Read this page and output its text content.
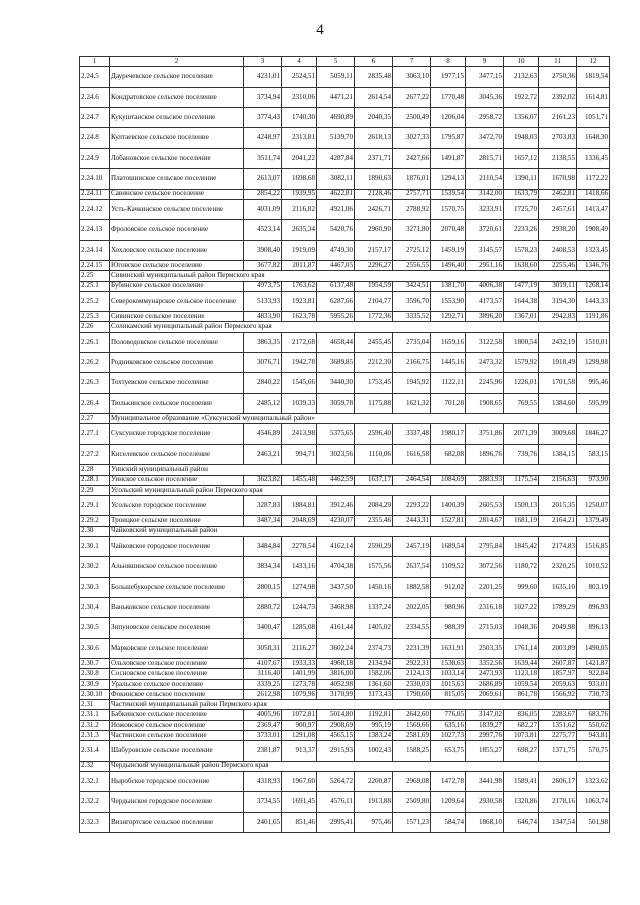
4
1	2	3	4	5	6	7	8	9	10	11	12
2.24.5	Дауречевское сельское поселение	4231,01	2524,51	5059,11	2835,48	3063,10	1977,15	3477,15	2132,63	2750,36	1819,54
2.24.6	Кондратовское сельское поселение	3734,94	2310,06	4471,21	2614,54	2677,22	1770,48	3045,36	1922,72	2392,02	1614,81
2.24.7	Кукуштанское сельское поселение	3774,43	1740,30	4690,89	2040,35	2500,49	1206,04	2958,72	1356,07	2161,23	1051,71
2.24.8	Култаевское сельское поселение	4248,97	2313,81	5139,70	2618,13	3027,33	1795,87	3472,70	1948,03	2703,83	1648,30
2.24.9	Лобановское сельское поселение	3511,74	2041,22	4287,84	2371,71	2427,66	1491,87	2815,71	1657,12	2138,55	1336,45
2.24.10	Платошинское сельское поселение	2613,07	1698,68	3082,11	1890,63	1876,01	1294,13	2110,54	1390,11	1670,98	1172,22
2.24.11	Савинское сельское поселение	2854,22	1939,95	4622,81	2128,46	2757,71	1539,54	3142,00	1633,79	2462,81	1418,66
2.24.12	Усть-Качкинское сельское поселение	4031,09	2116,82	4921,06	2426,71	2788,92	1570,75	3233,91	1725,70	2457,61	1413,47
2.24.13	Фроловское сельское поселение	4523,14	2635,34	5420,76	2960,90	3271,80	2070,48	3720,61	2233,26	2938,20	1908,49
2.24.14	Хохловское сельское поселение	3908,40	1919,09	4749,30	2157,17	2725,12	1459,19	3145,57	1578,23	2408,53	1323,45
2.24.15	Юговское сельское поселение	3677,82	2011,87	4467,05	2296,27	2556,55	1496,40	2951,16	1638,60	2255,46	1346,76
2.25	Сивинский муниципальный район Пермского края										
2.25.1	Бубинское сельское поселение	4973,75	1763,62	6137,48	1954,59	3424,51	1381,70	4006,38	1477,19	3019,11	1268,14
2.25.2	Северокоммунарское сельское поселение	5133,93	1923,81	6287,66	2104,77	3596,70	1553,90	4173,57	1644,38	3194,30	1443,33
2.25.3	Сивинское сельское поселение	4833,90	1623,78	5955,26	1772,36	3335,52	1292,71	3896,20	1367,01	2942,83	1191,86
2.26	Соликамский муниципальный район Пермского края										
2.26.1	Половодовское сельское поселение	3863,35	2172,68	4658,44	2455,45	2735,04	1659,16	3122,58	1800,54	2432,19	1510,01
2.26.2	Родниковское сельское поселение	3076,71	1942,78	3689,85	2212,30	2166,75	1445,16	2473,32	1579,92	1918,49	1299,98
2.26.3	Тохтуевское сельское поселение	2840,22	1545,66	3440,30	1753,45	1945,92	1122,11	2245,96	1226,01	1701,58	995,46
2.26.4	Тюлькинское сельское поселение	2485,12	1039,33	3059,78	1175,88	1621,32	701,28	1908,65	769,55	1384,60	595,99
2.27	Муниципальное образование «Суксунский муниципальный район»										
2.27.1	Суксунское городское поселение	4546,89	2413,98	5375,65	2596,40	3337,48	1980,17	3751,86	2071,39	3009,68	1846,27
2.27.2	Киселевское сельское поселение	2463,21	994,71	3023,56	1110,06	1616,58	682,08	1896,76	739,76	1384,15	583,15
2.28	Уинский муниципальный район										
2.28.1	Уинское сельское поселение	3623,82	1455,48	4462,59	1637,17	2464,54	1084,69	2883,93	1175,54	2156,63	973,90
2.29	Усольский муниципальный район Пермского края										
2.29.1	Усольское городское поселение	3287,83	1884,81	3912,46	2084,29	2293,22	1400,39	2605,53	1500,13	2015,35	1250,07
2.29.2	Троицкое сельское поселение	3487,34	2048,69	4230,07	2355,46	2443,31	1527,81	2814,67	1681,19	2164,21	1379,49
2.30	Чайковский муниципальный район										
2.30.1	Чайковское городское поселение	3484,84	2278,54	4162,14	2590,29	2457,19	1689,54	2795,84	1845,42	2174,83	1516,85
2.30.2	Альняшинское сельское поселение	3834,34	1433,16	4704,38	1575,56	2637,54	1109,52	3072,56	1180,72	2320,25	1010,52
2.30.3	Большебукорское сельское поселение	2800,15	1274,98	3437,50	1450,16	1882,58	912,02	2201,25	999,60	1635,10	803,19
2.30.4	Ваньковское сельское поселение	2880,72	1244,73	3468,98	1337,24	2022,05	980,96	2316,18	1027,22	1789,29	896,93
2.30.5	Зипуновское сельское поселение	3400,47	1285,08	4161,44	1405,02	2334,55	988,39	2715,03	1048,36	2049,98	896,13
2.30.6	Марковское сельское поселение	3058,31	2116,27	3602,24	2374,73	2231,39	1631,91	2503,35	1761,14	2003,89	1490,05
2.30.7	Ольховское сельское поселение	4107,67	1933,33	4968,18	2134,94	2922,31	1538,63	3352,56	1639,44	2607,87	1421,87
2.30.8	Сосновское сельское поселение	3116,40	1401,99	3816,00	1582,06	2124,13	1033,14	2473,93	1123,18	1857,97	922,84
2.30.9	Уральское сельское поселение	3339,25	1273,78	4052,98	1361,60	2330,03	1015,63	2686,89	1059,54	2059,63	933,01
2.30.10	Фокинское сельское поселение	2612,98	1079,96	3170,99	1173,43	1790,60	815,05	2069,61	861,78	1566,92	730,73
2.31	Частинский муниципальный район Пермского края										
2.31.1	Бабкинское сельское поселение	4005,96	1072,81	5014,80	1192,81	2642,60	776,05	3147,02	836,05	2283,67	683,76
2.31.2	Ножовское сельское поселение	2369,47	900,97	2908,69	995,19	1569,66	635,16	1839,27	682,27	1351,62	550,62
2.31.3	Частинское сельское поселение	3733,01	1291,08	4565,15	1383,24	2581,69	1027,73	2997,76	1073,81	2275,77	943,81
2.31.4	Шабуровское сельское поселение	2381,87	913,37	2915,93	1002,43	1588,25	653,75	1855,27	698,27	1371,75	570,75
2.32	Чердынский муниципальный район Пермского края										
2.32.1	Ныробское городское поселение	4318,93	1967,60	5264,72	2200,87	2969,08	1472,78	3441,98	1589,41	2606,17	1323,62
2.32.2	Чердынское городское поселение	3734,55	1691,45	4576,11	1913,88	2509,80	1209,64	2930,58	1320,86	2178,16	1063,74
2.32.3	Визнгортское сельское поселение	2401,65	851,46	2995,41	975,46	1571,23	584,74	1868,10	646,74	1347,54	501,98
